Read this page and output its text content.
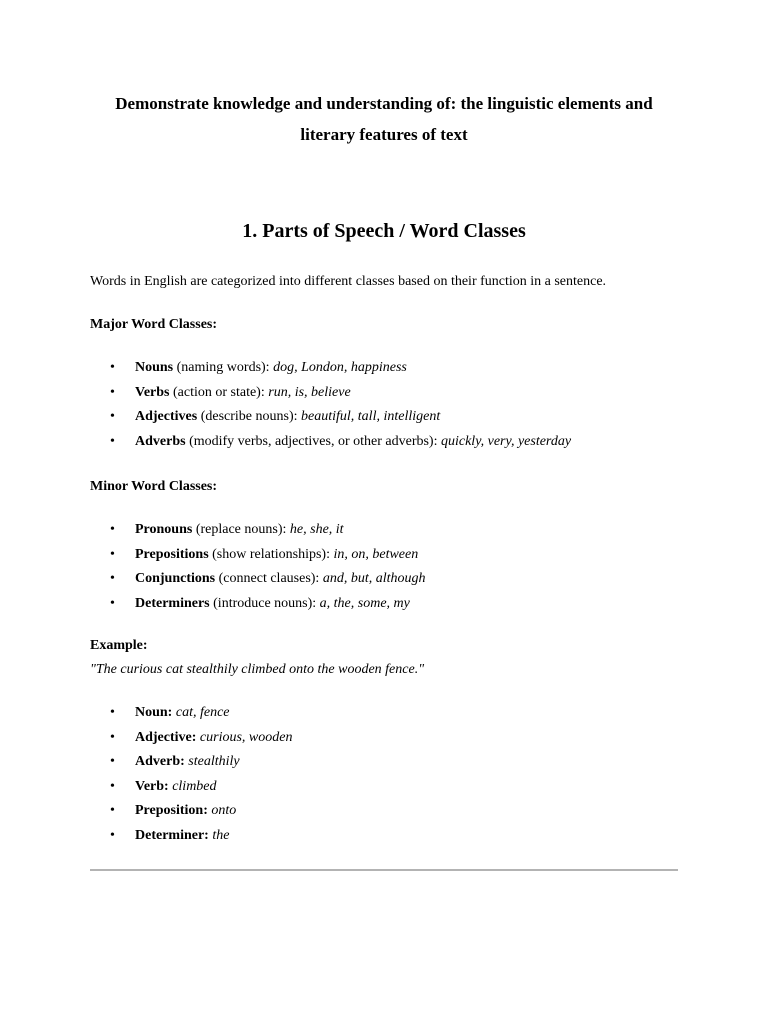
Demonstrate knowledge and understanding of: the linguistic elements and
literary features of text
1. Parts of Speech / Word Classes

Words in English are categorized into different classes based on their function in a sentence.

Major Word Classes:

• Nouns (naming words): dog, London, happiness
• Verbs (action or state): run, is, believe
• Adjectives (describe nouns): beautiful, tall, intelligent
• Adverbs (modify verbs, adjectives, or other adverbs): quickly, very, yesterday

Minor Word Classes:

• Pronouns (replace nouns): he, she, it
• Prepositions (show relationships): in, on, between
• Conjunctions (connect clauses): and, but, although
• Determiners (introduce nouns): a, the, some, my

Example:

"The curious cat stealthily climbed onto the wooden fence."

• Noun: cat, fence
• Adjective: curious, wooden
• Adverb: stealthily
• Verb: climbed
• Preposition: onto
• Determiner: the
